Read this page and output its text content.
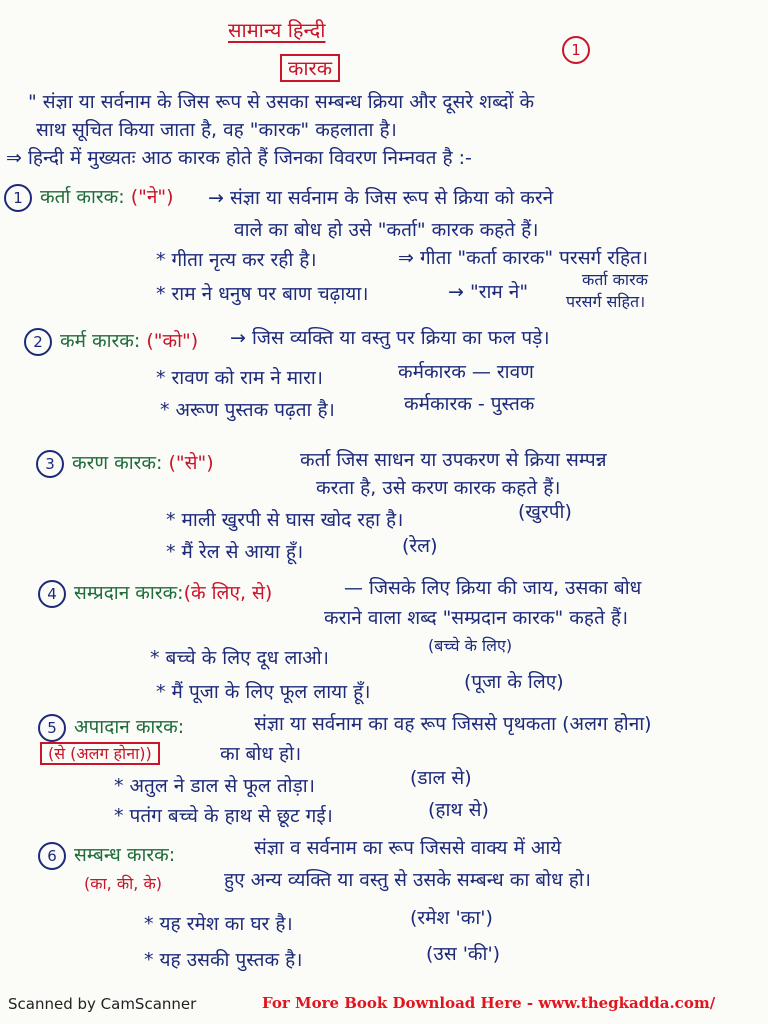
सामान्य हिन्दी
1
कारक
" संज्ञा या सर्वनाम के जिस रूप से उसका सम्बन्ध क्रिया और दूसरे शब्दों के
साथ सूचित किया जाता है, वह "कारक" कहलाता है।
⇒ हिन्दी में मुख्यतः आठ कारक होते हैं जिनका विवरण निम्नवत है :-
1 कर्ता कारक: ("ने") → संज्ञा या सर्वनाम के जिस रूप से क्रिया को करने
वाले का बोध हो उसे "कर्ता" कारक कहते हैं।
* गीता नृत्य कर रही है।	⇒ गीता "कर्ता कारक" परसर्ग रहित।
* राम ने धनुष पर बाण चढ़ाया।	→ "राम ने"
कर्ता कारक
परसर्ग सहित।
2 कर्म कारक: ("को") → जिस व्यक्ति या वस्तु पर क्रिया का फल पड़े।
* रावण को राम ने मारा।	कर्मकारक — रावण
* अरूण पुस्तक पढ़ता है।	कर्मकारक - पुस्तक
3 करण कारक: ("से")	कर्ता जिस साधन या उपकरण से क्रिया सम्पन्न
करता है, उसे करण कारक कहते हैं।
* माली खुरपी से घास खोद रहा है।	(खुरपी)
* मैं रेल से आया हूँ।	(रेल)
4 सम्प्रदान कारक:(के लिए, से)	— जिसके लिए क्रिया की जाय, उसका बोध
कराने वाला शब्द "सम्प्रदान कारक" कहते हैं।
* बच्चे के लिए दूध लाओ।
(बच्चे के लिए)
* मैं पूजा के लिए फूल लाया हूँ।	(पूजा के लिए)
5 अपादान कारक:
(से (अलग होना))
संज्ञा या सर्वनाम का वह रूप जिससे पृथकता (अलग होना)
का बोध हो।
* अतुल ने डाल से फूल तोड़ा।	(डाल से)
* पतंग बच्चे के हाथ से छूट गई।	(हाथ से)
6 सम्बन्ध कारक:
(का, की, के)
संज्ञा व सर्वनाम का रूप जिससे वाक्य में आये
हुए अन्य व्यक्ति या वस्तु से उसके सम्बन्ध का बोध हो।
* यह रमेश का घर है।	(रमेश 'का')
* यह उसकी पुस्तक है।	(उस 'की')
Scanned by CamScanner	For More Book Download Here - www.thegkadda.com/
